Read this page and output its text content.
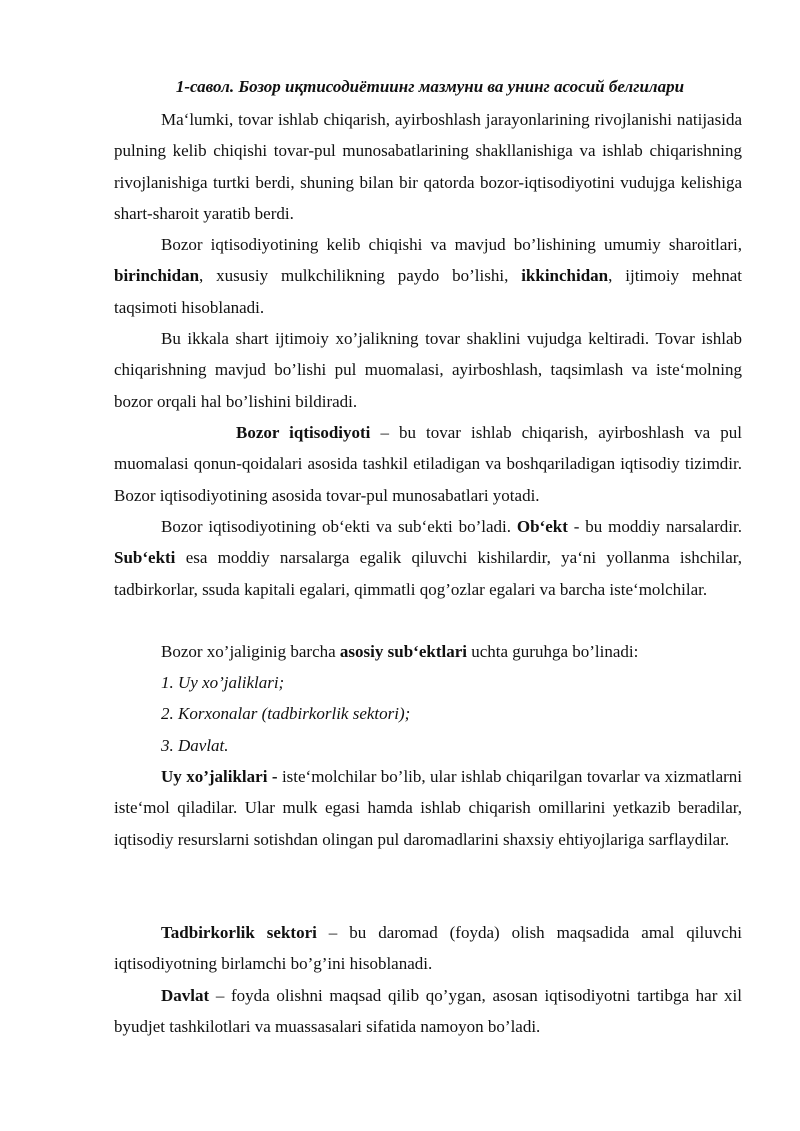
1-савол. Бозор иқтисодиётиинг мазмуни ва унинг асосий белгилари
Ma‘lumki, tovar ishlab chiqarish, ayirboshlash jarayonlarining rivojlanishi natijasida pulning kelib chiqishi tovar-pul munosabatlarining shakllanishiga va ishlab chiqarishning rivojlanishiga turtki berdi, shuning bilan bir qatorda bozor-iqtisodiyotini vudujga kelishiga shart-sharoit yaratib berdi.
Bozor iqtisodiyotining kelib chiqishi va mavjud bo’lishining umumiy sharoitlari, birinchidan, xususiy mulkchilikning paydo bo’lishi, ikkinchidan, ijtimoiy mehnat taqsimoti hisoblanadi.
Bu ikkala shart ijtimoiy xo’jalikning tovar shaklini vujudga keltiradi. Tovar ishlab chiqarishning mavjud bo’lishi pul muomalasi, ayirboshlash, taqsimlash va iste‘molning bozor orqali hal bo’lishini bildiradi.
Bozor iqtisodiyoti – bu tovar ishlab chiqarish, ayirboshlash va pul muomalasi qonun-qoidalari asosida tashkil etiladigan va boshqariladigan iqtisodiy tizimdir. Bozor iqtisodiyotining asosida tovar-pul munosabatlari yotadi.
Bozor iqtisodiyotining ob‘ekti va sub‘ekti bo’ladi. Ob‘ekt - bu moddiy narsalardir. Sub‘ekti esa moddiy narsalarga egalik qiluvchi kishilardir, ya‘ni yollanma ishchilar, tadbirkorlar, ssuda kapitali egalari, qimmatli qog’ozlar egalari va barcha iste‘molchilar.
Bozor xo’jaliginig barcha asosiy sub‘ektlari uchta guruhga bo’linadi:
1. Uy xo’jaliklari;
2. Korxonalar (tadbirkorlik sektori);
3. Davlat.
Uy xo’jaliklari - iste‘molchilar bo’lib, ular ishlab chiqarilgan tovarlar va xizmatlarni iste‘mol qiladilar. Ular mulk egasi hamda ishlab chiqarish omillarini yetkazib beradilar, iqtisodiy resurslarni sotishdan olingan pul daromadlarini shaxsiy ehtiyojlariga sarflaydilar.
Tadbirkorlik sektori – bu daromad (foyda) olish maqsadida amal qiluvchi iqtisodiyotning birlamchi bo’g’ini hisoblanadi.
Davlat – foyda olishni maqsad qilib qo’ygan, asosan iqtisodiyotni tartibga har xil byudjet tashkilotlari va muassasalari sifatida namoyon bo’ladi.
